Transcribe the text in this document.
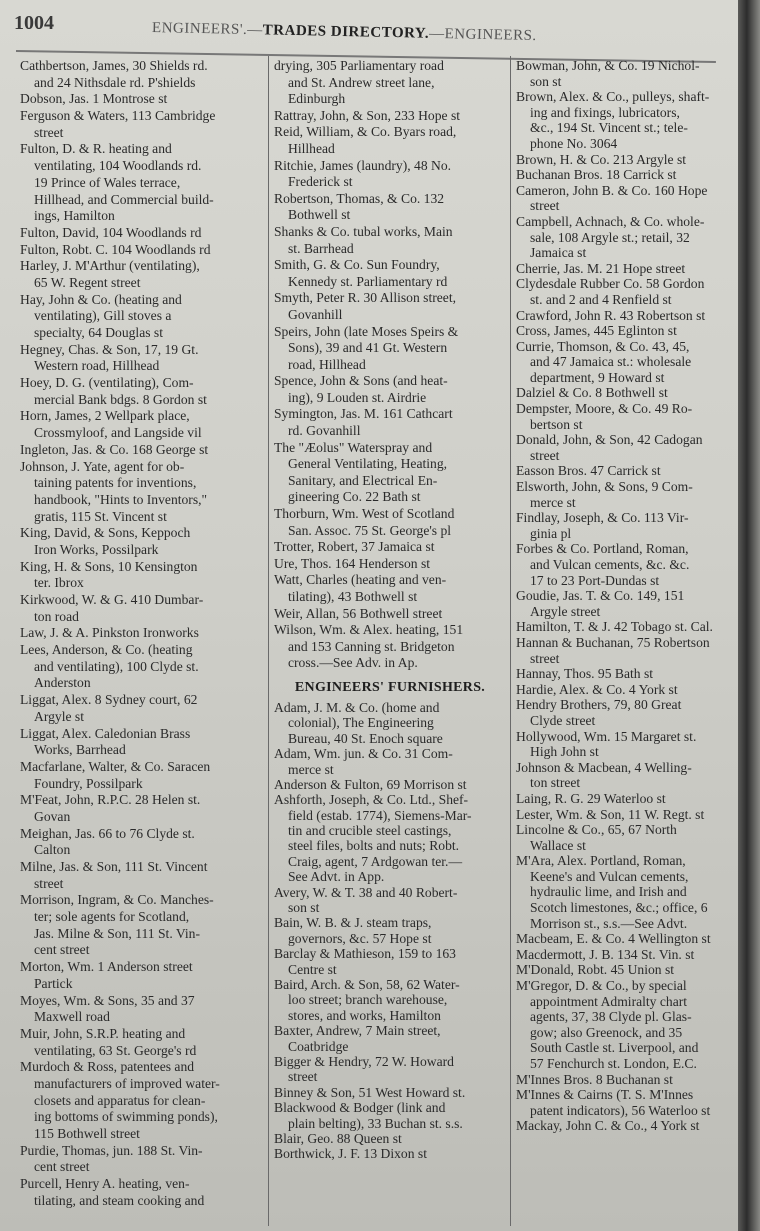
1004	ENGINEERS'.—TRADES DIRECTORY.—ENGINEERS.
Cathbertson, James, 30 Shields rd.
and 24 Nithsdale rd. P'shields
Dobson, Jas. 1 Montrose st
Ferguson & Waters, 113 Cambridge
street
Fulton, D. & R. heating and
ventilating, 104 Woodlands rd.
19 Prince of Wales terrace,
Hillhead, and Commercial build-
ings, Hamilton
Fulton, David, 104 Woodlands rd
Fulton, Robt. C. 104 Woodlands rd
Harley, J. M'Arthur (ventilating),
65 W. Regent street
Hay, John & Co. (heating and
ventilating), Gill stoves a
specialty, 64 Douglas st
Hegney, Chas. & Son, 17, 19 Gt.
Western road, Hillhead
Hoey, D. G. (ventilating), Com-
mercial Bank bdgs. 8 Gordon st
Horn, James, 2 Wellpark place,
Crossmyloof, and Langside vil
Ingleton, Jas. & Co. 168 George st
Johnson, J. Yate, agent for ob-
taining patents for inventions,
handbook, "Hints to Inventors,"
gratis, 115 St. Vincent st
King, David, & Sons, Keppoch
Iron Works, Possilpark
King, H. & Sons, 10 Kensington
ter. Ibrox
Kirkwood, W. & G. 410 Dumbar-
ton road
Law, J. & A. Pinkston Ironworks
Lees, Anderson, & Co. (heating
and ventilating), 100 Clyde st.
Anderston
Liggat, Alex. 8 Sydney court, 62
Argyle st
Liggat, Alex. Caledonian Brass
Works, Barrhead
Macfarlane, Walter, & Co. Saracen
Foundry, Possilpark
M'Feat, John, R.P.C. 28 Helen st.
Govan
Meighan, Jas. 66 to 76 Clyde st.
Calton
Milne, Jas. & Son, 111 St. Vincent
street
Morrison, Ingram, & Co. Manches-
ter; sole agents for Scotland,
Jas. Milne & Son, 111 St. Vin-
cent street
Morton, Wm. 1 Anderson street
Partick
Moyes, Wm. & Sons, 35 and 37
Maxwell road
Muir, John, S.R.P. heating and
ventilating, 63 St. George's rd
Murdoch & Ross, patentees and
manufacturers of improved water-
closets and apparatus for clean-
ing bottoms of swimming ponds),
115 Bothwell street
Purdie, Thomas, jun. 188 St. Vin-
cent street
Purcell, Henry A. heating, ven-
tilating, and steam cooking and
drying, 305 Parliamentary road
and St. Andrew street lane,
Edinburgh
Rattray, John, & Son, 233 Hope st
Reid, William, & Co. Byars road,
Hillhead
Ritchie, James (laundry), 48 No.
Frederick st
Robertson, Thomas, & Co. 132
Bothwell st
Shanks & Co. tubal works, Main
st. Barrhead
Smith, G. & Co. Sun Foundry,
Kennedy st. Parliamentary rd
Smyth, Peter R. 30 Allison street,
Govanhill
Speirs, John (late Moses Speirs &
Sons), 39 and 41 Gt. Western
road, Hillhead
Spence, John & Sons (and heat-
ing), 9 Louden st. Airdrie
Symington, Jas. M. 161 Cathcart
rd. Govanhill
The "Æolus" Waterspray and
General Ventilating, Heating,
Sanitary, and Electrical En-
gineering Co. 22 Bath st
Thorburn, Wm. West of Scotland
San. Assoc. 75 St. George's pl
Trotter, Robert, 37 Jamaica st
Ure, Thos. 164 Henderson st
Watt, Charles (heating and ven-
tilating), 43 Bothwell st
Weir, Allan, 56 Bothwell street
Wilson, Wm. & Alex. heating, 151
and 153 Canning st. Bridgeton
cross.—See Adv. in Ap.
ENGINEERS' FURNISHERS.
Adam, J. M. & Co. (home and
colonial), The Engineering
Bureau, 40 St. Enoch square
Adam, Wm. jun. & Co. 31 Com-
merce st
Anderson & Fulton, 69 Morrison st
Ashforth, Joseph, & Co. Ltd., Shef-
field (estab. 1774), Siemens-Mar-
tin and crucible steel castings,
steel files, bolts and nuts; Robt.
Craig, agent, 7 Ardgowan ter.—
See Advt. in App.
Avery, W. & T. 38 and 40 Robert-
son st
Bain, W. B. & J. steam traps,
governors, &c. 57 Hope st
Barclay & Mathieson, 159 to 163
Centre st
Baird, Arch. & Son, 58, 62 Water-
loo street; branch warehouse,
stores, and works, Hamilton
Baxter, Andrew, 7 Main street,
Coatbridge
Bigger & Hendry, 72 W. Howard
street
Binney & Son, 51 West Howard st.
Blackwood & Bodger (link and
plain belting), 33 Buchan st. s.s.
Blair, Geo. 88 Queen st
Borthwick, J. F. 13 Dixon st
Bowman, John, & Co. 19 Nichol-
son st
Brown, Alex. & Co., pulleys, shaft-
ing and fixings, lubricators,
&c., 194 St. Vincent st.; tele-
phone No. 3064
Brown, H. & Co. 213 Argyle st
Buchanan Bros. 18 Carrick st
Cameron, John B. & Co. 160 Hope
street
Campbell, Achnach, & Co. whole-
sale, 108 Argyle st.; retail, 32
Jamaica st
Cherrie, Jas. M. 21 Hope street
Clydesdale Rubber Co. 58 Gordon
st. and 2 and 4 Renfield st
Crawford, John R. 43 Robertson st
Cross, James, 445 Eglinton st
Currie, Thomson, & Co. 43, 45,
and 47 Jamaica st.: wholesale
department, 9 Howard st
Dalziel & Co. 8 Bothwell st
Dempster, Moore, & Co. 49 Ro-
bertson st
Donald, John, & Son, 42 Cadogan
street
Easson Bros. 47 Carrick st
Elsworth, John, & Sons, 9 Com-
merce st
Findlay, Joseph, & Co. 113 Vir-
ginia pl
Forbes & Co. Portland, Roman,
and Vulcan cements, &c. &c.
17 to 23 Port-Dundas st
Goudie, Jas. T. & Co. 149, 151
Argyle street
Hamilton, T. & J. 42 Tobago st. Cal.
Hannan & Buchanan, 75 Robertson
street
Hannay, Thos. 95 Bath st
Hardie, Alex. & Co. 4 York st
Hendry Brothers, 79, 80 Great
Clyde street
Hollywood, Wm. 15 Margaret st.
High John st
Johnson & Macbean, 4 Welling-
ton street
Laing, R. G. 29 Waterloo st
Lester, Wm. & Son, 11 W. Regt. st
Lincolne & Co., 65, 67 North
Wallace st
M'Ara, Alex. Portland, Roman,
Keene's and Vulcan cements,
hydraulic lime, and Irish and
Scotch limestones, &c.; office, 6
Morrison st., s.s.—See Advt.
Macbeam, E. & Co. 4 Wellington st
Macdermott, J. B. 134 St. Vin. st
M'Donald, Robt. 45 Union st
M'Gregor, D. & Co., by special
appointment Admiralty chart
agents, 37, 38 Clyde pl. Glas-
gow; also Greenock, and 35
South Castle st. Liverpool, and
57 Fenchurch st. London, E.C.
M'Innes Bros. 8 Buchanan st
M'Innes & Cairns (T. S. M'Innes
patent indicators), 56 Waterloo st
Mackay, John C. & Co., 4 York st
